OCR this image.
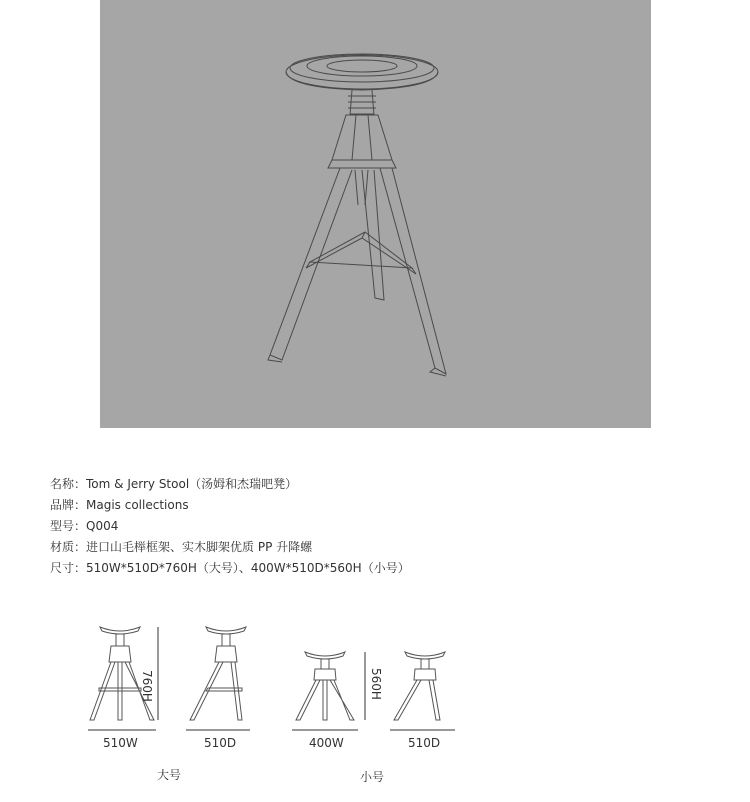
名称：Tom & Jerry Stool（汤姆和杰瑞吧凳）
品牌：Magis collections
型号：Q004
材质：进口山毛榉框架、实木脚架优质 PP 升降螺
尺寸：510W*510D*760H（大号）、400W*510D*560H（小号）
760H	560H
510W	510D	400W	510D
大号	小号
